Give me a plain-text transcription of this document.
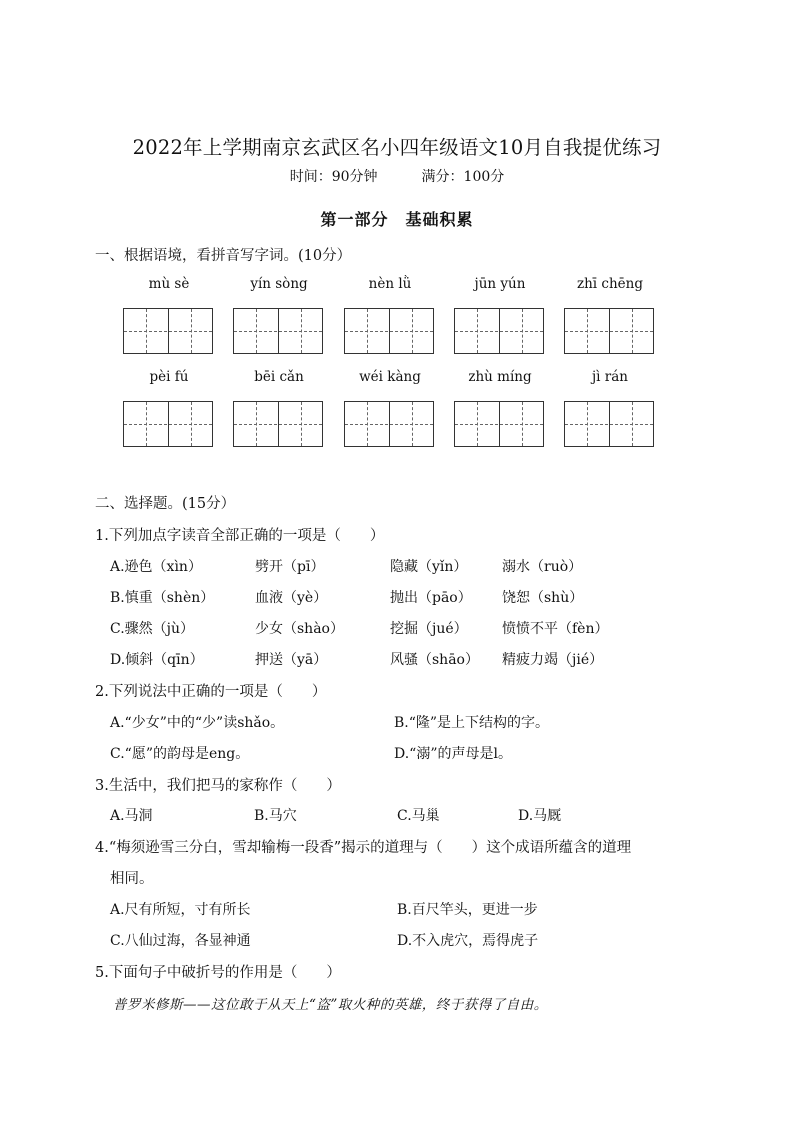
2022年上学期南京玄武区名小四年级语文10月自我提优练习
时间：90分钟	满分：100分
第一部分　基础积累
一、根据语境，看拼音写字词。(10分）
mù sè	yín sòng	nèn lǜ	jūn yún	zhī chēng
pèi fú	bēi cǎn	wéi kàng	zhù míng	jì rán
二、选择题。(15分）
1.下列加点字读音全部正确的一项是（　　）
A.逊色（xìn）	劈开（pī）	隐藏（yǐn） 溺水（ruò）
B.慎重（shèn）	血液（yè）	抛出（pāo） 饶恕（shù）
C.骤然（jù）	少女（shào）	挖掘（jué） 愤愤不平（fèn）
D.倾斜（qīn）	押送（yā）	风骚（shāo） 精疲力竭（jié）
2.下列说法中正确的一项是（　　）
A.“少女”中的“少”读shǎo。	B.“隆”是上下结构的字。
C.“愿”的韵母是eng。	D.“溺”的声母是l。
3.生活中，我们把马的家称作（　　）
A.马洞	B.马穴	C.马巢	D.马厩
4.“梅须逊雪三分白，雪却输梅一段香”揭示的道理与（　　）这个成语所蕴含的道理
相同。
A.尺有所短，寸有所长	B.百尺竿头，更进一步
C.八仙过海，各显神通	D.不入虎穴，焉得虎子
5.下面句子中破折号的作用是（　　）
普罗米修斯——这位敢于从天上“盗”取火种的英雄，终于获得了自由。
